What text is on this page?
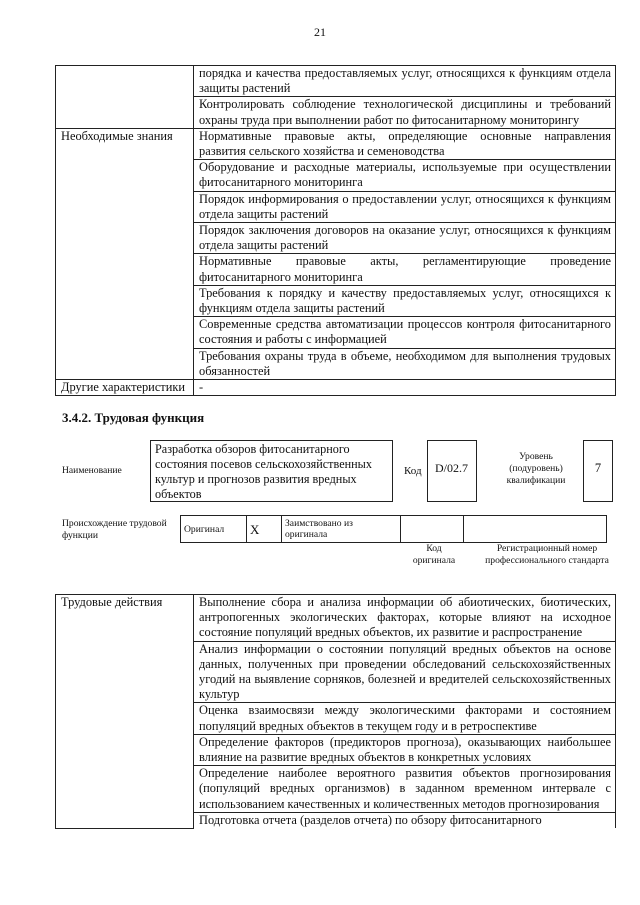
21
	порядка и качества предоставляемых услуг, относящихся к функциям отдела защиты растений
	Контролировать соблюдение технологической дисциплины и требований охраны труда при выполнении работ по фитосанитарному мониторингу
Необходимые знания	Нормативные правовые акты, определяющие основные направления развития сельского хозяйства и семеноводства
	Оборудование и расходные материалы, используемые при осуществлении фитосанитарного мониторинга
	Порядок информирования о предоставлении услуг, относящихся к функциям отдела защиты растений
	Порядок заключения договоров на оказание услуг, относящихся к функциям отдела защиты растений
	Нормативные правовые акты, регламентирующие проведение фитосанитарного мониторинга
	Требования к порядку и качеству предоставляемых услуг, относящихся к функциям отдела защиты растений
	Современные средства автоматизации процессов контроля фитосанитарного состояния и работы с информацией
	Требования охраны труда в объеме, необходимом для выполнения трудовых обязанностей
Другие характеристики	-
3.4.2. Трудовая функция
Наименование
Разработка обзоров фитосанитарного состояния посевов сельскохозяйственных культур и прогнозов развития вредных объектов
Код	D/02.7
Уровень (подуровень) квалификации
7
Происхождение трудовой функции
Оригинал	X	Заимствовано из оригинала		
Код оригинала
Регистрационный номер профессионального стандарта
Трудовые действия	Выполнение сбора и анализа информации об абиотических, биотических, антропогенных экологических факторах, которые влияют на исходное состояние популяций вредных объектов, их развитие и распространение
Анализ информации о состоянии популяций вредных объектов на основе данных, полученных при проведении обследований сельскохозяйственных угодий на выявление сорняков, болезней и вредителей сельскохозяйственных культур
Оценка взаимосвязи между экологическими факторами и состоянием популяций вредных объектов в текущем году и в ретроспективе
Определение факторов (предикторов прогноза), оказывающих наибольшее влияние на развитие вредных объектов в конкретных условиях
Определение наиболее вероятного развития объектов прогнозирования (популяций вредных организмов) в заданном временном интервале с использованием качественных и количественных методов прогнозирования
Подготовка отчета (разделов отчета) по обзору фитосанитарного
